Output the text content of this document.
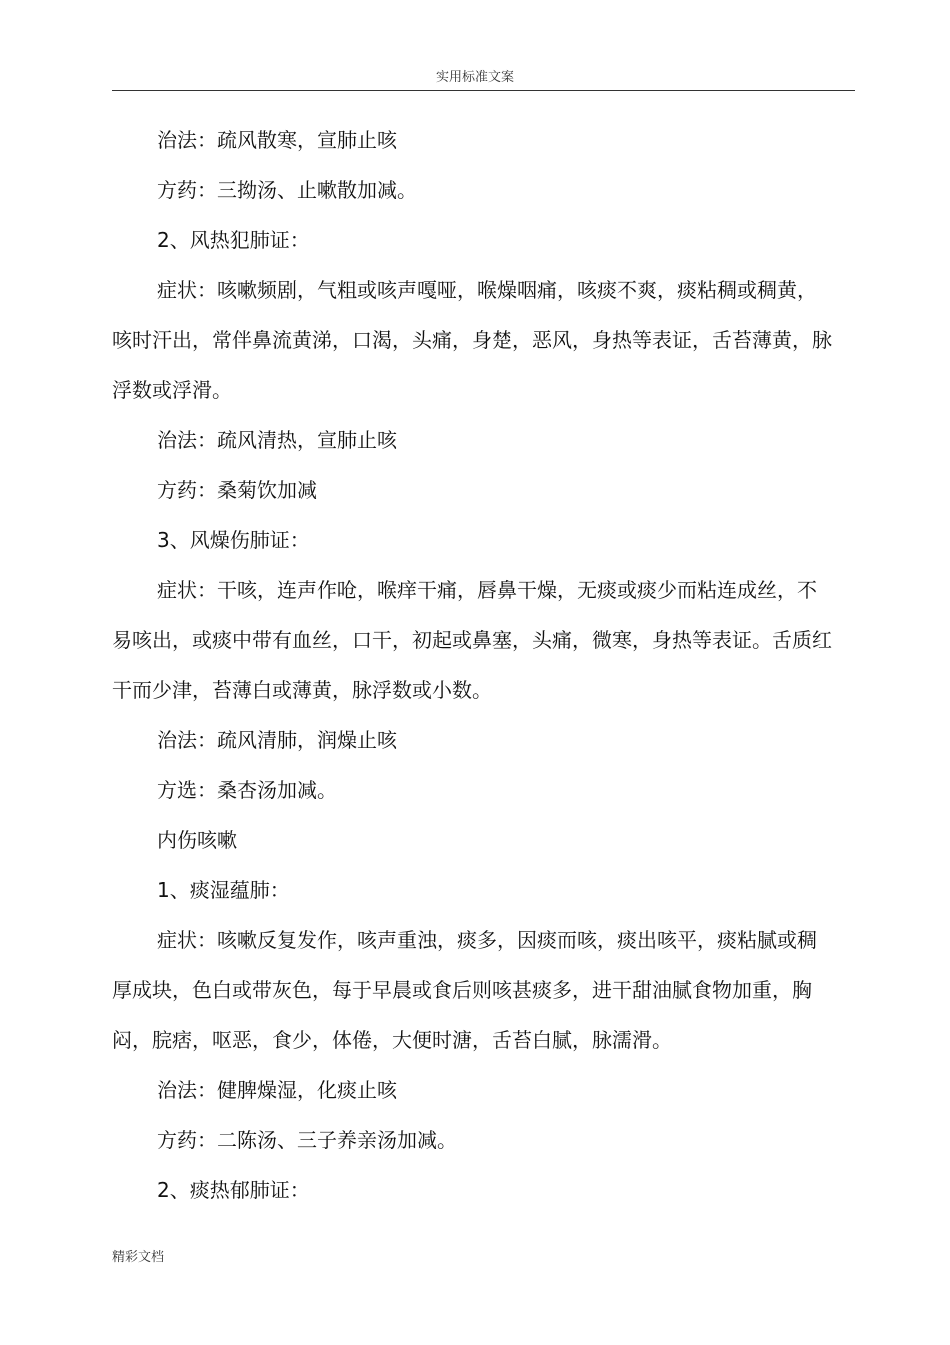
实用标准文案

治法：疏风散寒，宣肺止咳

方药：三拗汤、止嗽散加减。

2、风热犯肺证：

症状：咳嗽频剧，气粗或咳声嘎哑，喉燥咽痛，咳痰不爽，痰粘稠或稠黄，咳时汗出，常伴鼻流黄涕，口渴，头痛，身楚，恶风，身热等表证，舌苔薄黄，脉浮数或浮滑。

治法：疏风清热，宣肺止咳

方药：桑菊饮加减

3、风燥伤肺证：

症状：干咳，连声作呛，喉痒干痛，唇鼻干燥，无痰或痰少而粘连成丝，不易咳出，或痰中带有血丝，口干，初起或鼻塞，头痛，微寒，身热等表证。舌质红干而少津，苔薄白或薄黄，脉浮数或小数。

治法：疏风清肺，润燥止咳

方选：桑杏汤加减。

内伤咳嗽

1、痰湿蕴肺：

症状：咳嗽反复发作，咳声重浊，痰多，因痰而咳，痰出咳平，痰粘腻或稠厚成块，色白或带灰色，每于早晨或食后则咳甚痰多，进干甜油腻食物加重，胸闷，脘痞，呕恶，食少，体倦，大便时溏，舌苔白腻，脉濡滑。

治法：健脾燥湿，化痰止咳

方药：二陈汤、三子养亲汤加减。

2、痰热郁肺证：

精彩文档
